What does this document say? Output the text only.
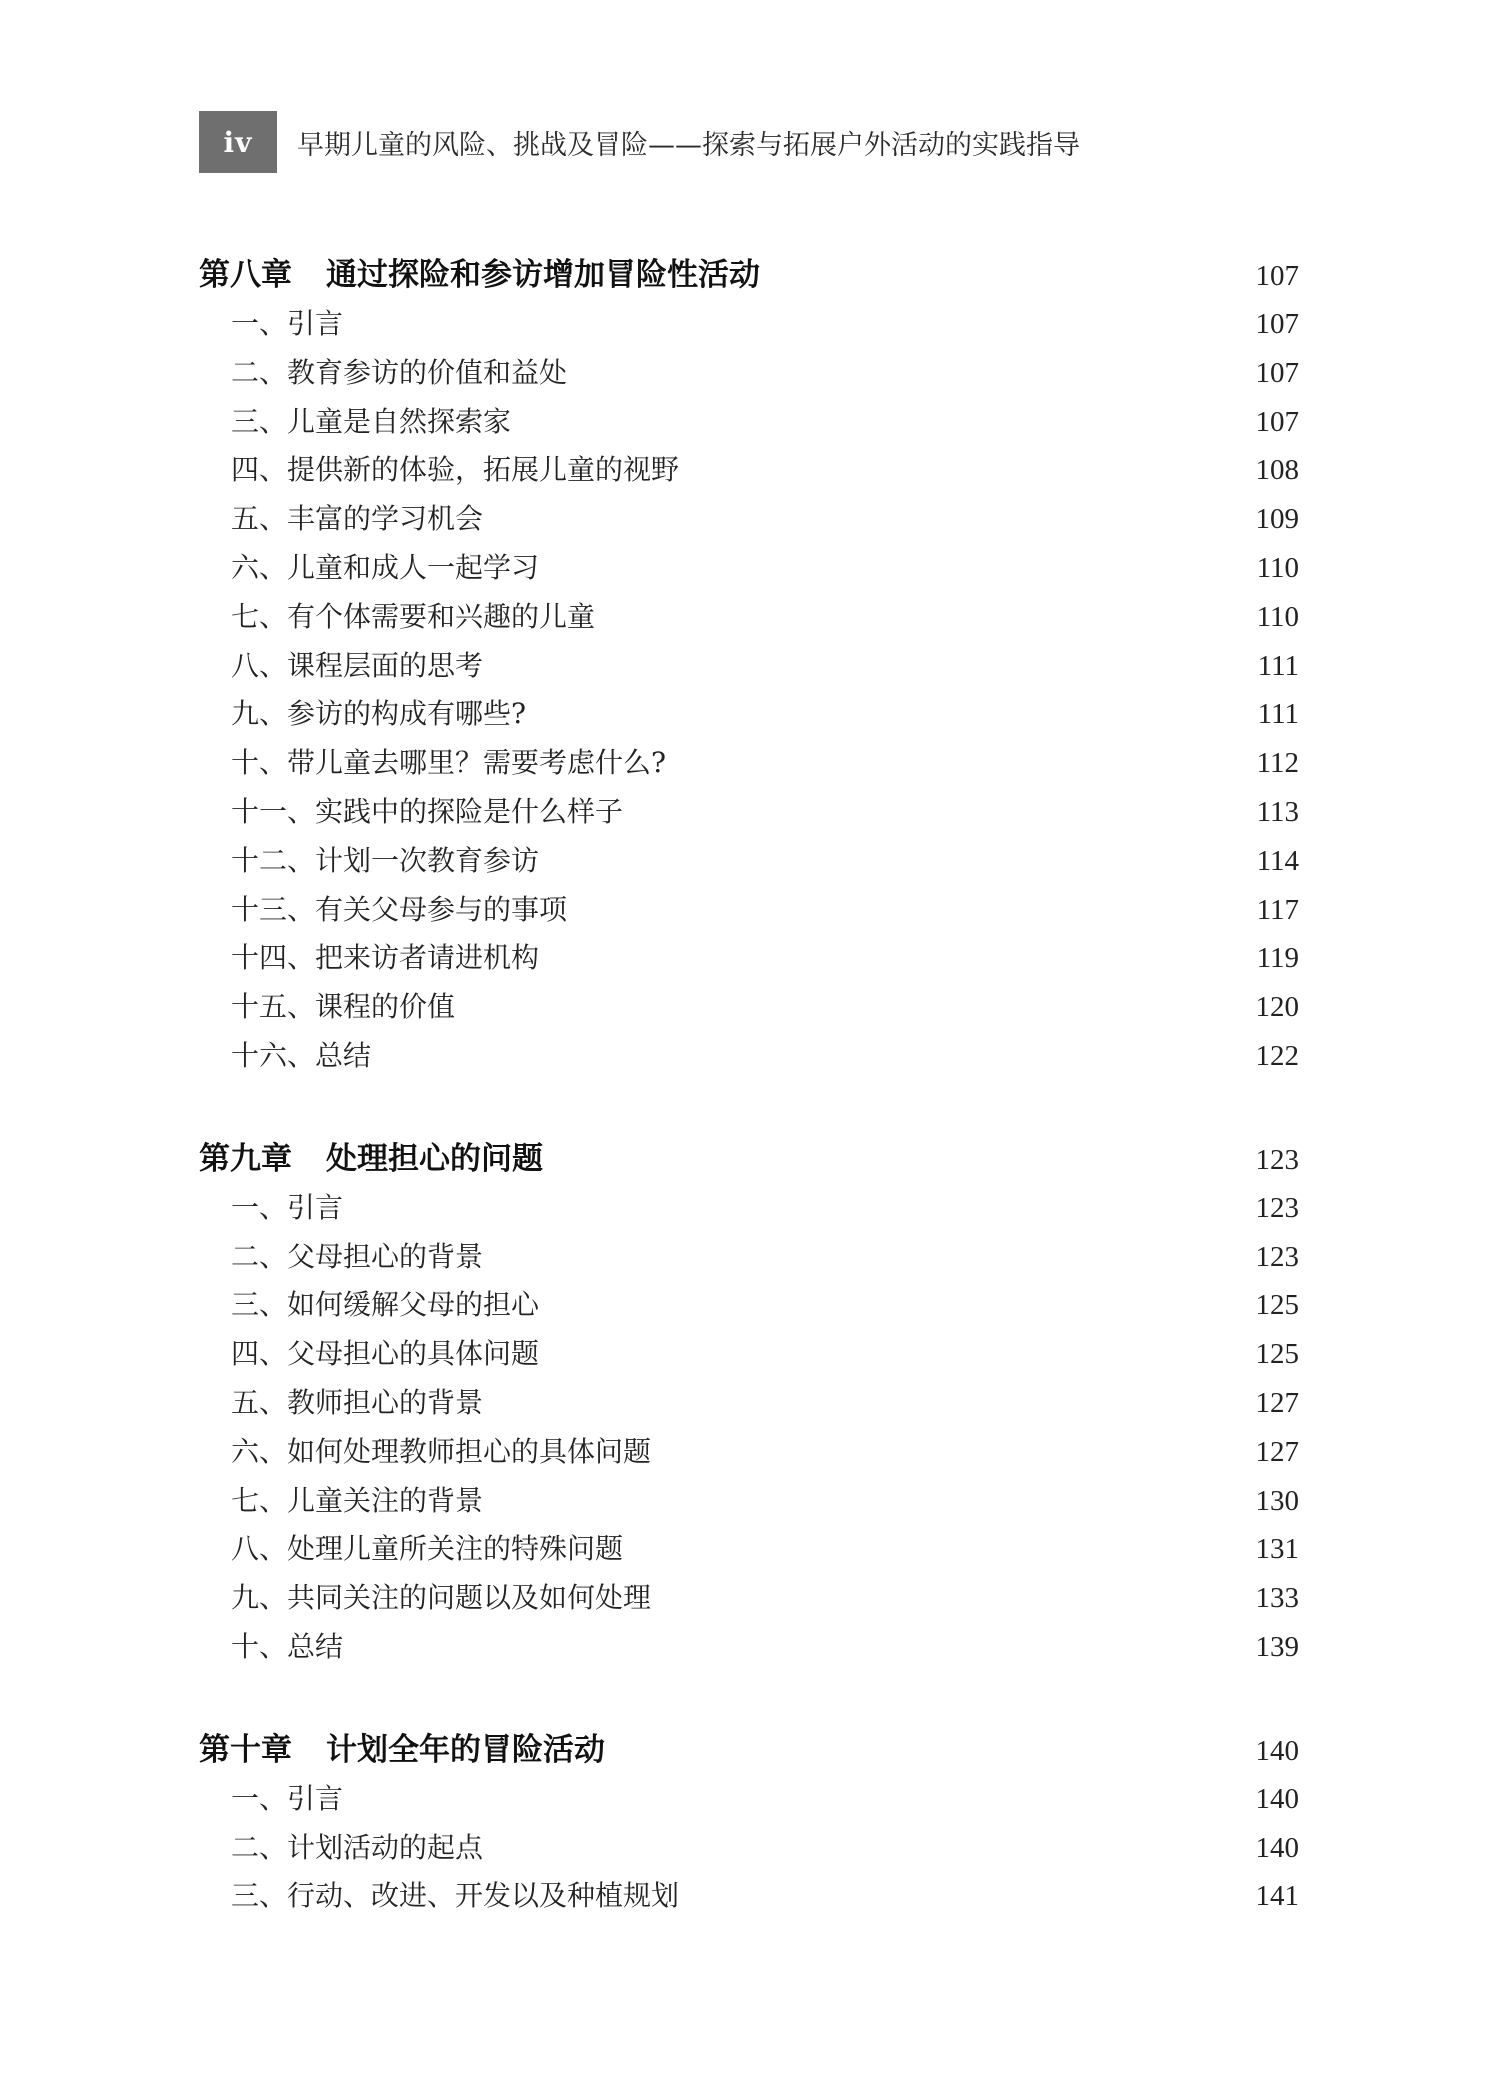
iv	早期儿童的风险、挑战及冒险——探索与拓展户外活动的实践指导
第八章 通过探险和参访增加冒险性活动	107
一、引言	107
二、教育参访的价值和益处	107
三、儿童是自然探索家	107
四、提供新的体验，拓展儿童的视野	108
五、丰富的学习机会	109
六、儿童和成人一起学习	110
七、有个体需要和兴趣的儿童	110
八、课程层面的思考	111
九、参访的构成有哪些?	111
十、带儿童去哪里？需要考虑什么?	112
十一、实践中的探险是什么样子	113
十二、计划一次教育参访	114
十三、有关父母参与的事项	117
十四、把来访者请进机构	119
十五、课程的价值	120
十六、总结	122
第九章 处理担心的问题	123
一、引言	123
二、父母担心的背景	123
三、如何缓解父母的担心	125
四、父母担心的具体问题	125
五、教师担心的背景	127
六、如何处理教师担心的具体问题	127
七、儿童关注的背景	130
八、处理儿童所关注的特殊问题	131
九、共同关注的问题以及如何处理	133
十、总结	139
第十章 计划全年的冒险活动	140
一、引言	140
二、计划活动的起点	140
三、行动、改进、开发以及种植规划	141
